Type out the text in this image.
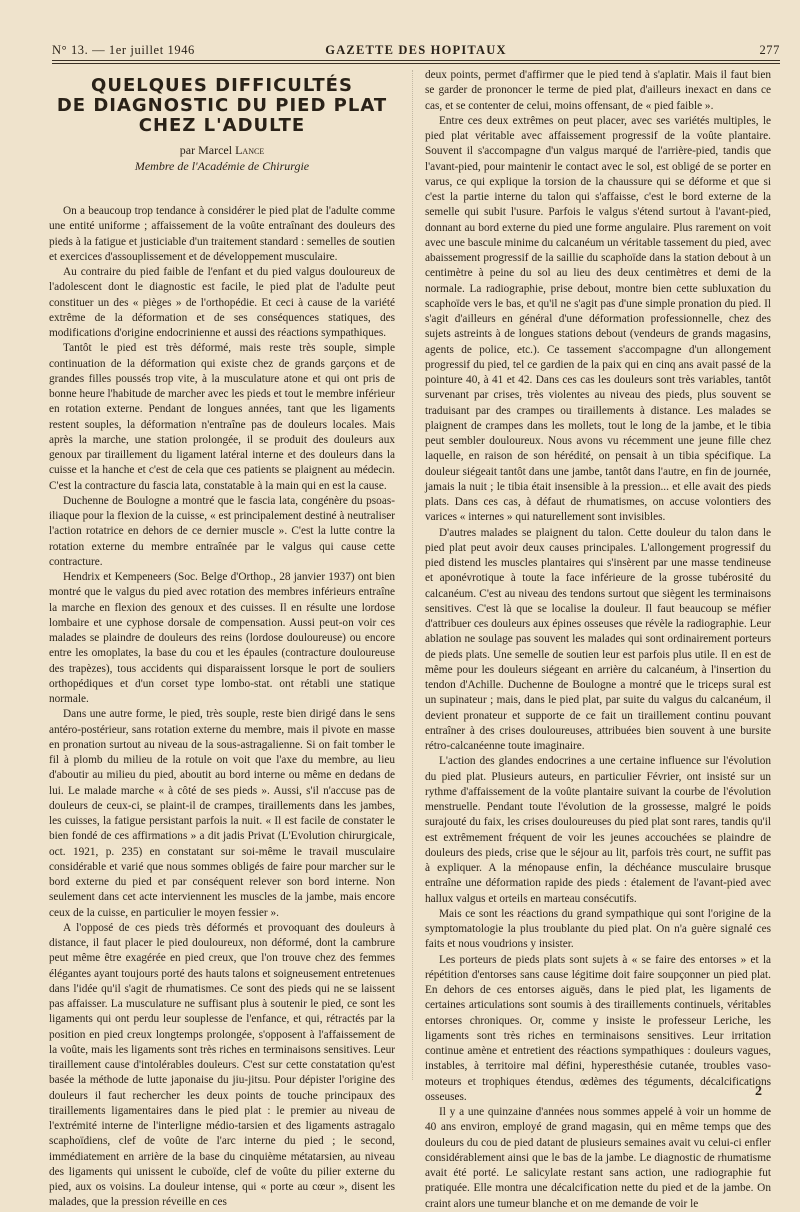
N° 13. — 1er juillet 1946	GAZETTE DES HOPITAUX	277
QUELQUES DIFFICULTÉS
DE DIAGNOSTIC DU PIED PLAT
CHEZ L'ADULTE
par Marcel Lance
Membre de l'Académie de Chirurgie

On a beaucoup trop tendance à considérer le pied plat de l'adulte comme une entité uniforme ; affaissement de la voûte entraînant des douleurs des pieds à la fatigue et justiciable d'un traitement standard : semelles de soutien et exercices d'assouplissement et de développement musculaire.

Au contraire du pied faible de l'enfant et du pied valgus douloureux de l'adolescent dont le diagnostic est facile, le pied plat de l'adulte peut constituer un des « pièges » de l'orthopédie. Et ceci à cause de la variété extrême de la déformation et de ses conséquences statiques, des modifications d'origine endocrinienne et aussi des réactions sympathiques.

Tantôt le pied est très déformé, mais reste très souple, simple continuation de la déformation qui existe chez de grands garçons et de grandes filles poussés trop vite, à la musculature atone et qui ont pris de bonne heure l'habitude de marcher avec les pieds et tout le membre inférieur en rotation externe. Pendant de longues années, tant que les ligaments restent souples, la déformation n'entraîne pas de douleurs locales. Mais après la marche, une station prolongée, il se produit des douleurs aux genoux par tiraillement du ligament latéral interne et des douleurs dans la cuisse et la hanche et c'est de cela que ces patients se plaignent au médecin. C'est la contracture du fascia lata, constatable à la main qui en est la cause.

Duchenne de Boulogne a montré que le fascia lata, congénère du psoas-iliaque pour la flexion de la cuisse, « est principalement destiné à neutraliser l'action rotatrice en dehors de ce dernier muscle ». C'est la lutte contre la rotation externe du membre entraînée par le valgus qui cause cette contracture.

Hendrix et Kempeneers (Soc. Belge d'Orthop., 28 janvier 1937) ont bien montré que le valgus du pied avec rotation des membres inférieurs entraîne la marche en flexion des genoux et des cuisses. Il en résulte une lordose lombaire et une cyphose dorsale de compensation. Aussi peut-on voir ces malades se plaindre de douleurs des reins (lordose douloureuse) ou encore entre les omoplates, la base du cou et les épaules (contracture douloureuse des trapèzes), tous accidents qui disparaissent lorsque le port de souliers orthopédiques et d'un corset type lombo-stat. ont rétabli une statique normale.

Dans une autre forme, le pied, très souple, reste bien dirigé dans le sens antéro-postérieur, sans rotation externe du membre, mais il pivote en masse en pronation surtout au niveau de la sous-astragalienne. Si on fait tomber le fil à plomb du milieu de la rotule on voit que l'axe du membre, au lieu d'aboutir au milieu du pied, aboutit au bord interne ou même en dedans de lui. Le malade marche « à côté de ses pieds ». Aussi, s'il n'accuse pas de douleurs de ceux-ci, se plaint-il de crampes, tiraillements dans les jambes, les cuisses, la fatigue persistant parfois la nuit. « Il est facile de constater le bien fondé de ces affirmations » a dit jadis Privat (L'Evolution chirurgicale, oct. 1921, p. 235) en constatant sur soi-même le travail musculaire considérable et varié que nous sommes obligés de faire pour marcher sur le bord externe du pied et par conséquent relever son bord interne. Non seulement dans cet acte interviennent les muscles de la jambe, mais encore ceux de la cuisse, en particulier le moyen fessier ».

A l'opposé de ces pieds très déformés et provoquant des douleurs à distance, il faut placer le pied douloureux, non déformé, dont la cambrure peut même être exagérée en pied creux, que l'on trouve chez des femmes élégantes ayant toujours porté des hauts talons et soigneusement entretenues dans l'idée qu'il s'agit de rhumatismes. Ce sont des pieds qui ne se laissent pas affaisser. La musculature ne suffisant plus à soutenir le pied, ce sont les ligaments qui ont perdu leur souplesse de l'enfance, et qui, rétractés par la position en pied creux longtemps prolongée, s'opposent à l'affaissement de la voûte, mais les ligaments sont très riches en terminaisons sensitives. Leur tiraillement cause d'intolérables douleurs. C'est sur cette constatation qu'est basée la méthode de lutte japonaise du jiu-jitsu. Pour dépister l'origine des douleurs il faut rechercher les deux points de touche principaux des tiraillements ligamentaires dans le pied plat : le premier au niveau de l'extrémité interne de l'interligne médio-tarsien et des ligaments astragalo scaphoïdiens, clef de voûte de l'arc interne du pied ; le second, immédiatement en arrière de la base du cinquième métatarsien, au niveau des ligaments qui unissent le cuboïde, clef de voûte du pilier externe du pied, aux os voisins. La douleur intense, qui « porte au cœur », disent les malades, que la pression réveille en ces

deux points, permet d'affirmer que le pied tend à s'aplatir. Mais il faut bien se garder de prononcer le terme de pied plat, d'ailleurs inexact en dans ce cas, et se contenter de celui, moins offensant, de « pied faible ».

Entre ces deux extrêmes on peut placer, avec ses variétés multiples, le pied plat véritable avec affaissement progressif de la voûte plantaire. Souvent il s'accompagne d'un valgus marqué de l'arrière-pied, tandis que l'avant-pied, pour maintenir le contact avec le sol, est obligé de se porter en varus, ce qui explique la torsion de la chaussure qui se déforme et que si c'est la partie interne du talon qui s'affaisse, c'est le bord externe de la semelle qui subit l'usure. Parfois le valgus s'étend surtout à l'avant-pied, donnant au bord externe du pied une forme angulaire. Plus rarement on voit avec une bascule minime du calcanéum un véritable tassement du pied, avec abaissement progressif de la saillie du scaphoïde dans la station debout à un centimètre à peine du sol au lieu des deux centimètres et demi de la normale. La radiographie, prise debout, montre bien cette subluxation du scaphoïde vers le bas, et qu'il ne s'agit pas d'une simple pronation du pied. Il s'agit d'ailleurs en général d'une déformation professionnelle, chez des sujets astreints à de longues stations debout (vendeurs de grands magasins, agents de police, etc.). Ce tassement s'accompagne d'un allongement progressif du pied, tel ce gardien de la paix qui en cinq ans avait passé de la pointure 40, à 41 et 42. Dans ces cas les douleurs sont très variables, tantôt survenant par crises, très violentes au niveau des pieds, plus souvent se traduisant par des crampes ou tiraillements à distance. Les malades se plaignent de crampes dans les mollets, tout le long de la jambe, et le tibia peut sembler douloureux. Nous avons vu récemment une jeune fille chez laquelle, en raison de son hérédité, on pensait à un tibia spécifique. La douleur siégeait tantôt dans une jambe, tantôt dans l'autre, en fin de journée, jamais la nuit ; le tibia était insensible à la pression... et elle avait des pieds plats. Dans ces cas, à défaut de rhumatismes, on accuse volontiers des varices « internes » qui naturellement sont invisibles.

D'autres malades se plaignent du talon. Cette douleur du talon dans le pied plat peut avoir deux causes principales. L'allongement progressif du pied distend les muscles plantaires qui s'insèrent par une masse tendineuse et aponévrotique à toute la face inférieure de la grosse tubérosité du calcanéum. C'est au niveau des tendons surtout que siègent les terminaisons sensitives. C'est là que se localise la douleur. Il faut beaucoup se méfier d'attribuer ces douleurs aux épines osseuses que révèle la radiographie. Leur ablation ne soulage pas souvent les malades qui sont ordinairement porteurs de pieds plats. Une semelle de soutien leur est parfois plus utile. Il en est de même pour les douleurs siégeant en arrière du calcanéum, à l'insertion du tendon d'Achille. Duchenne de Boulogne a montré que le triceps sural est un supinateur ; mais, dans le pied plat, par suite du valgus du calcanéum, il devient pronateur et supporte de ce fait un tiraillement continu pouvant entraîner à des crises douloureuses, attribuées bien souvent à une bursite rétro-calcanéenne toute imaginaire.

L'action des glandes endocrines a une certaine influence sur l'évolution du pied plat. Plusieurs auteurs, en particulier Février, ont insisté sur un rythme d'affaissement de la voûte plantaire suivant la courbe de l'évolution menstruelle. Pendant toute l'évolution de la grossesse, malgré le poids surajouté du faix, les crises douloureuses du pied plat sont rares, tandis qu'il est extrêmement fréquent de voir les jeunes accouchées se plaindre de douleurs des pieds, crise que le séjour au lit, parfois très court, ne suffit pas à expliquer. A la ménopause enfin, la déchéance musculaire brusque entraîne une déformation rapide des pieds : étalement de l'avant-pied avec hallux valgus et orteils en marteau consécutifs.

Mais ce sont les réactions du grand sympathique qui sont l'origine de la symptomatologie la plus troublante du pied plat. On n'a guère signalé ces faits et nous voudrions y insister.

Les porteurs de pieds plats sont sujets à « se faire des entorses » et la répétition d'entorses sans cause légitime doit faire soupçonner un pied plat. En dehors de ces entorses aiguës, dans le pied plat, les ligaments de certaines articulations sont soumis à des tiraillements continuels, véritables entorses chroniques. Or, comme y insiste le professeur Leriche, les ligaments sont très riches en terminaisons sensitives. Leur irritation continue amène et entretient des réactions sympathiques : douleurs vagues, instables, à territoire mal défini, hyperesthésie cutanée, troubles vaso-moteurs et trophiques étendus, œdèmes des téguments, décalcifications osseuses.

Il y a une quinzaine d'années nous sommes appelé à voir un homme de 40 ans environ, employé de grand magasin, qui en même temps que des douleurs du cou de pied datant de plusieurs semaines avait vu celui-ci enfler considérablement ainsi que le bas de la jambe. Le diagnostic de rhumatisme avait été porté. Le salicylate restant sans action, une radiographie fut pratiquée. Elle montra une décalcification nette du pied et de la jambe. On craint alors une tumeur blanche et on me demande de voir le

2
